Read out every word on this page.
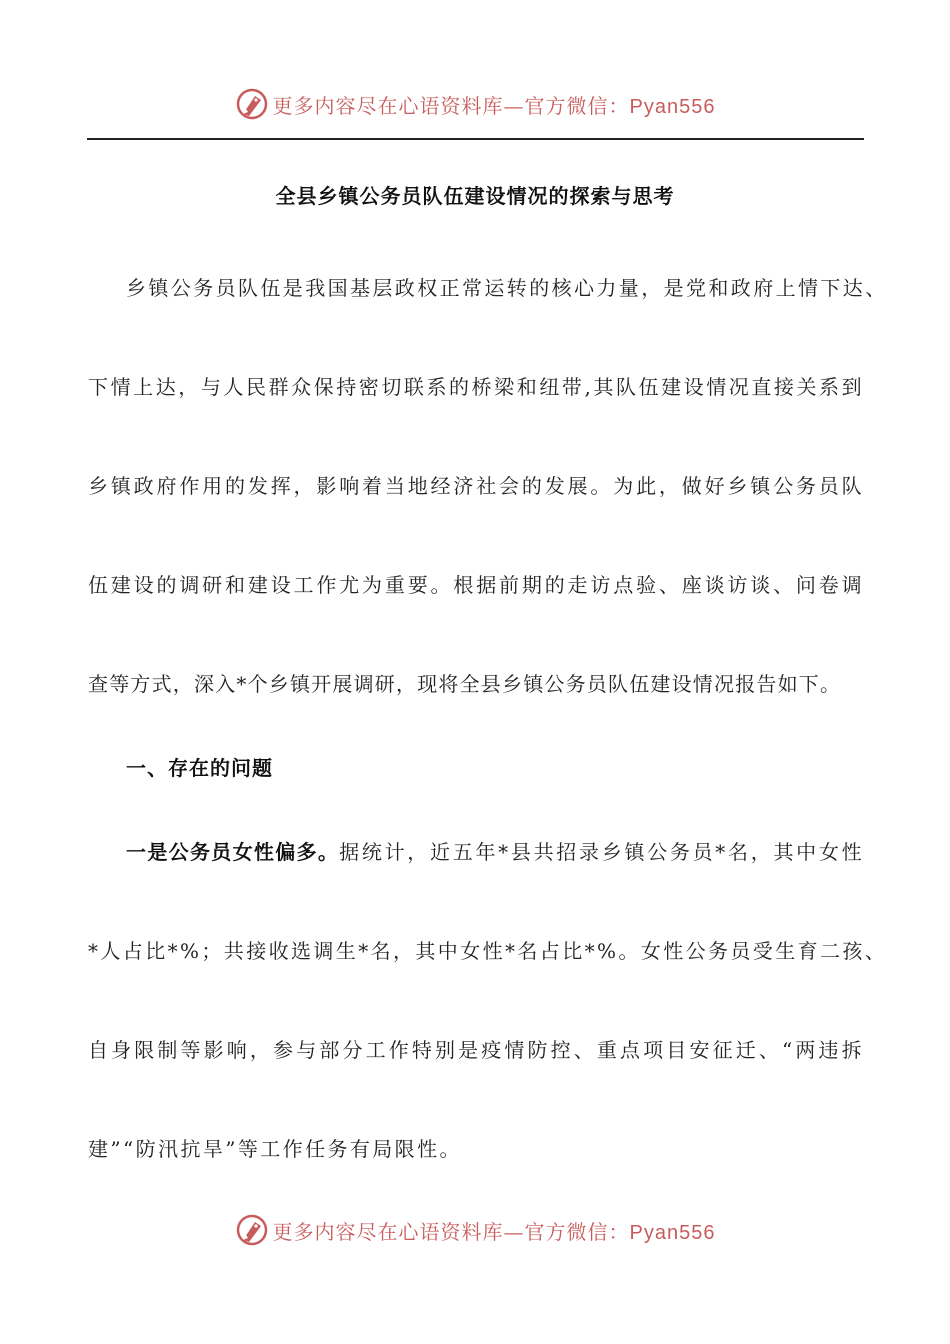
更多内容尽在心语资料库—官方微信：Pyan556
全县乡镇公务员队伍建设情况的探索与思考
乡镇公务员队伍是我国基层政权正常运转的核心力量，是党和政府上情下达、
下情上达，与人民群众保持密切联系的桥梁和纽带,其队伍建设情况直接关系到
乡镇政府作用的发挥，影响着当地经济社会的发展。为此，做好乡镇公务员队
伍建设的调研和建设工作尤为重要。根据前期的走访点验、座谈访谈、问卷调
查等方式，深入*个乡镇开展调研，现将全县乡镇公务员队伍建设情况报告如下。
一、存在的问题
一是公务员女性偏多。据统计，近五年*县共招录乡镇公务员*名，其中女性
*人占比*%；共接收选调生*名，其中女性*名占比*%。女性公务员受生育二孩、
自身限制等影响，参与部分工作特别是疫情防控、重点项目安征迁、“两违拆
建”“防汛抗旱”等工作任务有局限性。
更多内容尽在心语资料库—官方微信：Pyan556
